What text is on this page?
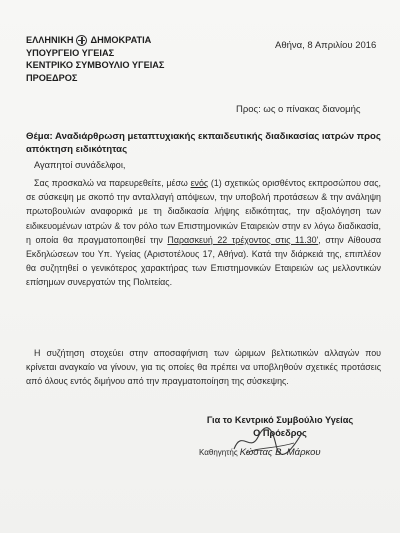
ΕΛΛΗΝΙΚΗ ΔΗΜΟΚΡΑΤΙΑ
ΥΠΟΥΡΓΕΙΟ ΥΓΕΙΑΣ
ΚΕΝΤΡΙΚΟ ΣΥΜΒΟΥΛΙΟ ΥΓΕΙΑΣ
ΠΡΟΕΔΡΟΣ
Αθήνα, 8 Απριλίου 2016
Προς: ως ο πίνακας διανομής
Θέμα: Αναδιάρθρωση μεταπτυχιακής εκπαιδευτικής διαδικασίας ιατρών προς απόκτηση ειδικότητας
Αγαπητοί συνάδελφοι,
Σας προσκαλώ να παρευρεθείτε, μέσω ενός (1) σχετικώς ορισθέντος εκπροσώπου σας, σε σύσκεψη με σκοπό την ανταλλαγή απόψεων, την υποβολή προτάσεων & την ανάληψη πρωτοβουλιών αναφορικά με τη διαδικασία λήψης ειδικότητας, την αξιολόγηση των ειδικευομένων ιατρών & τον ρόλο των Επιστημονικών Εταιρειών στην εν λόγω διαδικασία, η οποία θα πραγματοποιηθεί την Παρασκευή 22 τρέχοντος στις 11.30', στην Αίθουσα Εκδηλώσεων του Υπ. Υγείας (Αριστοτέλους 17, Αθήνα). Κατά την διάρκειά της, επιπλέον θα συζητηθεί ο γενικότερος χαρακτήρας των Επιστημονικών Εταιρειών ως μελλοντικών επίσημων συνεργατών της Πολιτείας.
Η συζήτηση στοχεύει στην αποσαφήνιση των ώριμων βελτιωτικών αλλαγών που κρίνεται αναγκαίο να γίνουν, για τις οποίες θα πρέπει να υποβληθούν σχετικές προτάσεις από όλους εντός διμήνου από την πραγματοποίηση της σύσκεψης.
Για το Κεντρικό Συμβούλιο Υγείας
Ο Πρόεδρος
Καθηγητής Κώστας Β. Μάρκου
